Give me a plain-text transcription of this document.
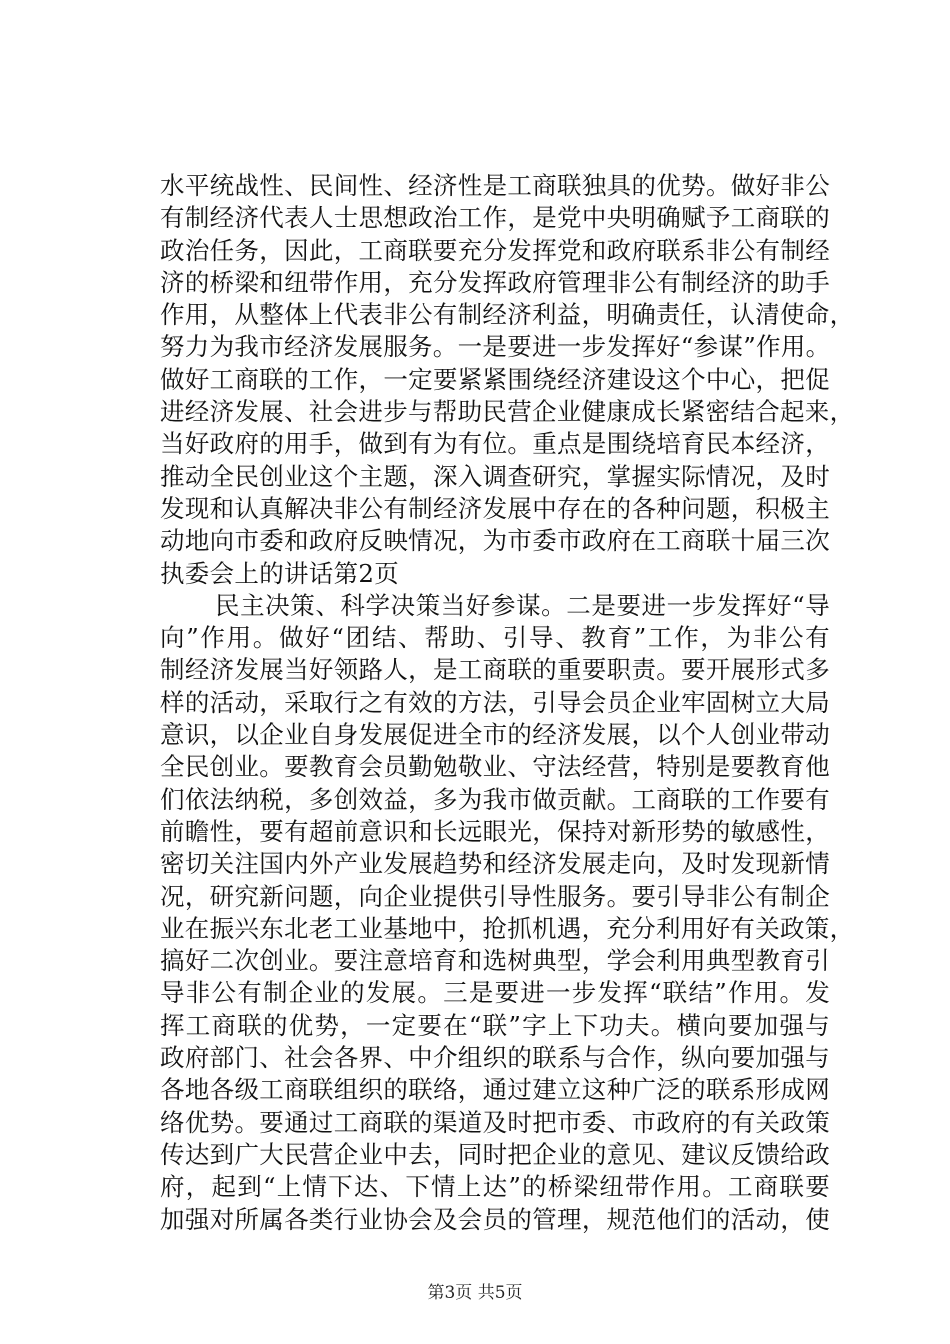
水平统战性、民间性、经济性是工商联独具的优势。做好非公
有制经济代表人士思想政治工作，是党中央明确赋予工商联的
政治任务，因此，工商联要充分发挥党和政府联系非公有制经
济的桥梁和纽带作用，充分发挥政府管理非公有制经济的助手
作用，从整体上代表非公有制经济利益，明确责任，认清使命，
努力为我市经济发展服务。一是要进一步发挥好“参谋”作用。
做好工商联的工作，一定要紧紧围绕经济建设这个中心，把促
进经济发展、社会进步与帮助民营企业健康成长紧密结合起来，
当好政府的用手，做到有为有位。重点是围绕培育民本经济，
推动全民创业这个主题，深入调查研究，掌握实际情况，及时
发现和认真解决非公有制经济发展中存在的各种问题，积极主
动地向市委和政府反映情况，为市委市政府在工商联十届三次
执委会上的讲话第2页
民主决策、科学决策当好参谋。二是要进一步发挥好“导
向”作用。做好“团结、帮助、引导、教育”工作，为非公有
制经济发展当好领路人，是工商联的重要职责。要开展形式多
样的活动，采取行之有效的方法，引导会员企业牢固树立大局
意识，以企业自身发展促进全市的经济发展，以个人创业带动
全民创业。要教育会员勤勉敬业、守法经营，特别是要教育他
们依法纳税，多创效益，多为我市做贡献。工商联的工作要有
前瞻性，要有超前意识和长远眼光，保持对新形势的敏感性，
密切关注国内外产业发展趋势和经济发展走向，及时发现新情
况，研究新问题，向企业提供引导性服务。要引导非公有制企
业在振兴东北老工业基地中，抢抓机遇，充分利用好有关政策，
搞好二次创业。要注意培育和选树典型，学会利用典型教育引
导非公有制企业的发展。三是要进一步发挥“联结”作用。发
挥工商联的优势，一定要在“联”字上下功夫。横向要加强与
政府部门、社会各界、中介组织的联系与合作，纵向要加强与
各地各级工商联组织的联络，通过建立这种广泛的联系形成网
络优势。要通过工商联的渠道及时把市委、市政府的有关政策
传达到广大民营企业中去，同时把企业的意见、建议反馈给政
府，起到“上情下达、下情上达”的桥梁纽带作用。工商联要
加强对所属各类行业协会及会员的管理，规范他们的活动，使
第3页 共5页
